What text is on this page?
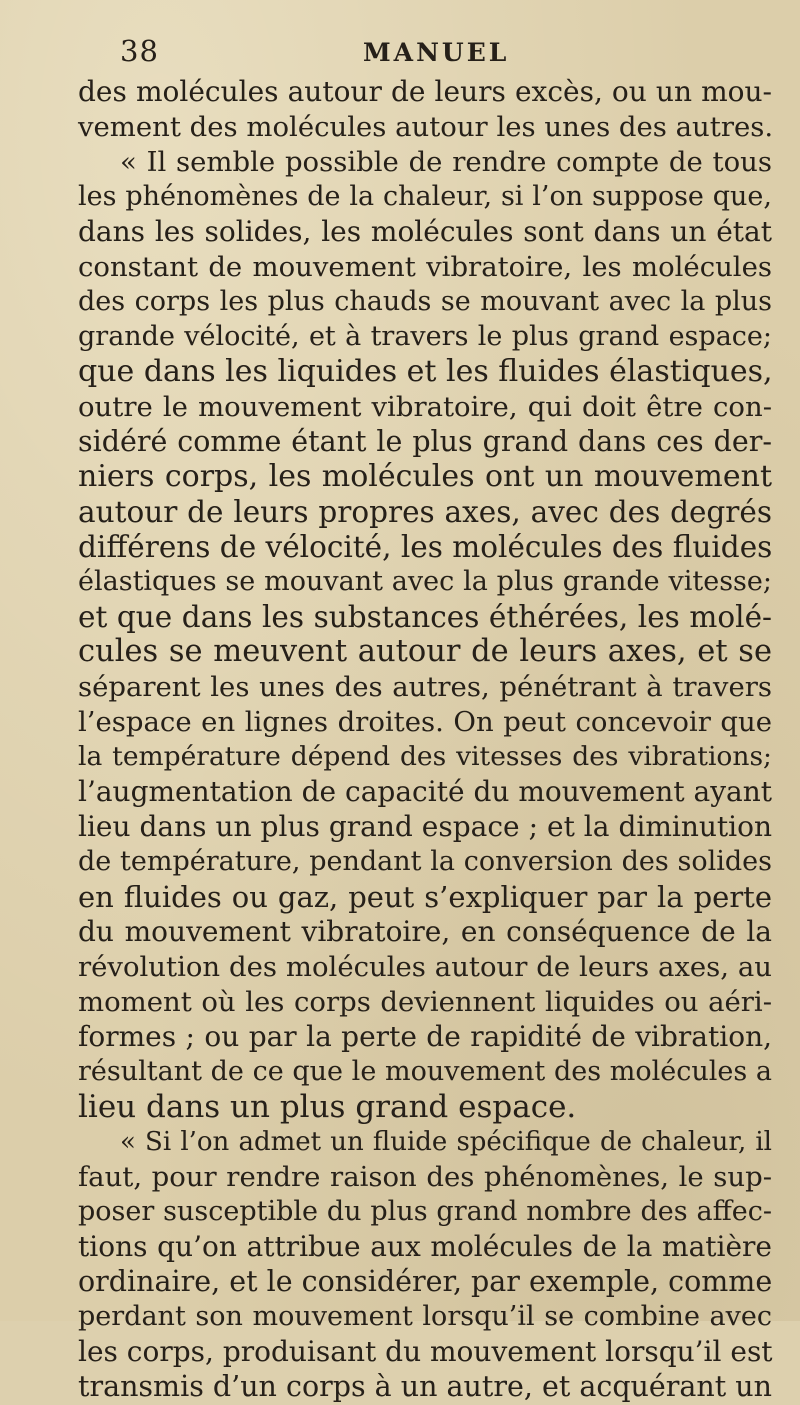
38	MANUEL
des molécules autour de leurs excès, ou un mou-
vement des molécules autour les unes des autres.
« Il semble possible de rendre compte de tous
les phénomènes de la chaleur, si l’on suppose que,
dans les solides, les molécules sont dans un état
constant de mouvement vibratoire, les molécules
des corps les plus chauds se mouvant avec la plus
grande vélocité, et à travers le plus grand espace;
que dans les liquides et les fluides élastiques,
outre le mouvement vibratoire, qui doit être con-
sidéré comme étant le plus grand dans ces der-
niers corps, les molécules ont un mouvement
autour de leurs propres axes, avec des degrés
différens de vélocité, les molécules des fluides
élastiques se mouvant avec la plus grande vitesse;
et que dans les substances éthérées, les molé-
cules se meuvent autour de leurs axes, et se
séparent les unes des autres, pénétrant à travers
l’espace en lignes droites. On peut concevoir que
la température dépend des vitesses des vibrations;
l’augmentation de capacité du mouvement ayant
lieu dans un plus grand espace ; et la diminution
de température, pendant la conversion des solides
en fluides ou gaz, peut s’expliquer par la perte
du mouvement vibratoire, en conséquence de la
révolution des molécules autour de leurs axes, au
moment où les corps deviennent liquides ou aéri-
formes ; ou par la perte de rapidité de vibration,
résultant de ce que le mouvement des molécules a
lieu dans un plus grand espace.
« Si l’on admet un fluide spécifique de chaleur, il
faut, pour rendre raison des phénomènes, le sup-
poser susceptible du plus grand nombre des affec-
tions qu’on attribue aux molécules de la matière
ordinaire, et le considérer, par exemple, comme
perdant son mouvement lorsqu’il se combine avec
les corps, produisant du mouvement lorsqu’il est
transmis d’un corps à un autre, et acquérant un
